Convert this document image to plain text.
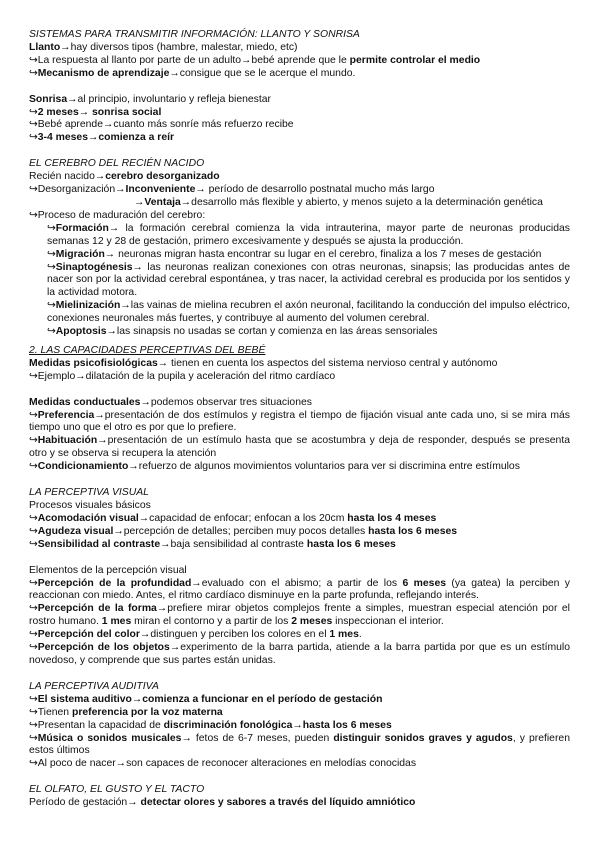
SISTEMAS PARA TRANSMITIR INFORMACIÓN: LLANTO Y SONRISA
Llanto→hay diversos tipos (hambre, malestar, miedo, etc)
↪La respuesta al llanto por parte de un adulto→bebé aprende que le permite controlar el medio
↪Mecanismo de aprendizaje→consigue que se le acerque el mundo.
Sonrisa→al principio, involuntario y refleja bienestar
↪2 meses→ sonrisa social
↪Bebé aprende→cuanto más sonríe más refuerzo recibe
↪3-4 meses→comienza a reír
EL CEREBRO DEL RECIÉN NACIDO
Recién nacido→cerebro desorganizado
↪Desorganización→Inconveniente→ período de desarrollo postnatal mucho más largo
→Ventaja→desarrollo más flexible y abierto, y menos sujeto a la determinación genética
↪Proceso de maduración del cerebro:
↪Formación→ la formación cerebral comienza la vida intrauterina, mayor parte de neuronas producidas semanas 12 y 28 de gestación, primero excesivamente y después se ajusta la producción.
↪Migración→ neuronas migran hasta encontrar su lugar en el cerebro, finaliza a los 7 meses de gestación
↪Sinaptogénesis→ las neuronas realizan conexiones con otras neuronas, sinapsis; las producidas antes de nacer son por la actividad cerebral espontánea, y tras nacer, la actividad cerebral es producida por los sentidos y la actividad motora.
↪Mielinización→las vainas de mielina recubren el axón neuronal, facilitando la conducción del impulso eléctrico, conexiones neuronales más fuertes, y contribuye al aumento del volumen cerebral.
↪Apoptosis→las sinapsis no usadas se cortan y comienza en las áreas sensoriales
2. LAS CAPACIDADES PERCEPTIVAS DEL BEBÉ
Medidas psicofisiológicas→ tienen en cuenta los aspectos del sistema nervioso central y autónomo
↪Ejemplo→dilatación de la pupila y aceleración del ritmo cardíaco
Medidas conductuales→podemos observar tres situaciones
↪Preferencia→presentación de dos estímulos y registra el tiempo de fijación visual ante cada uno, si se mira más tiempo uno que el otro es por que lo prefiere.
↪Habituación→presentación de un estímulo hasta que se acostumbra y deja de responder, después se presenta otro y se observa si recupera la atención
↪Condicionamiento→refuerzo de algunos movimientos voluntarios para ver si discrimina entre estímulos
LA PERCEPTIVA VISUAL
Procesos visuales básicos
↪Acomodación visual→capacidad de enfocar; enfocan a los 20cm hasta los 4 meses
↪Agudeza visual→percepción de detalles; perciben muy pocos detalles hasta los 6 meses
↪Sensibilidad al contraste→baja sensibilidad al contraste hasta los 6 meses
Elementos de la percepción visual
↪Percepción de la profundidad→evaluado con el abismo; a partir de los 6 meses (ya gatea) la perciben y reaccionan con miedo. Antes, el ritmo cardíaco disminuye en la parte profunda, reflejando interés.
↪Percepción de la forma→prefiere mirar objetos complejos frente a simples, muestran especial atención por el rostro humano. 1 mes miran el contorno y a partir de los 2 meses inspeccionan el interior.
↪Percepción del color→distinguen y perciben los colores en el 1 mes.
↪Percepción de los objetos→experimento de la barra partida, atiende a la barra partida por que es un estímulo novedoso, y comprende que sus partes están unidas.
LA PERCEPTIVA AUDITIVA
↪El sistema auditivo→comienza a funcionar en el período de gestación
↪Tienen preferencia por la voz materna
↪Presentan la capacidad de discriminación fonológica→hasta los 6 meses
↪Música o sonidos musicales→ fetos de 6-7 meses, pueden distinguir sonidos graves y agudos, y prefieren estos últimos
↪Al poco de nacer→son capaces de reconocer alteraciones en melodías conocidas
EL OLFATO, EL GUSTO Y EL TACTO
Período de gestación→ detectar olores y sabores a través del líquido amniótico
